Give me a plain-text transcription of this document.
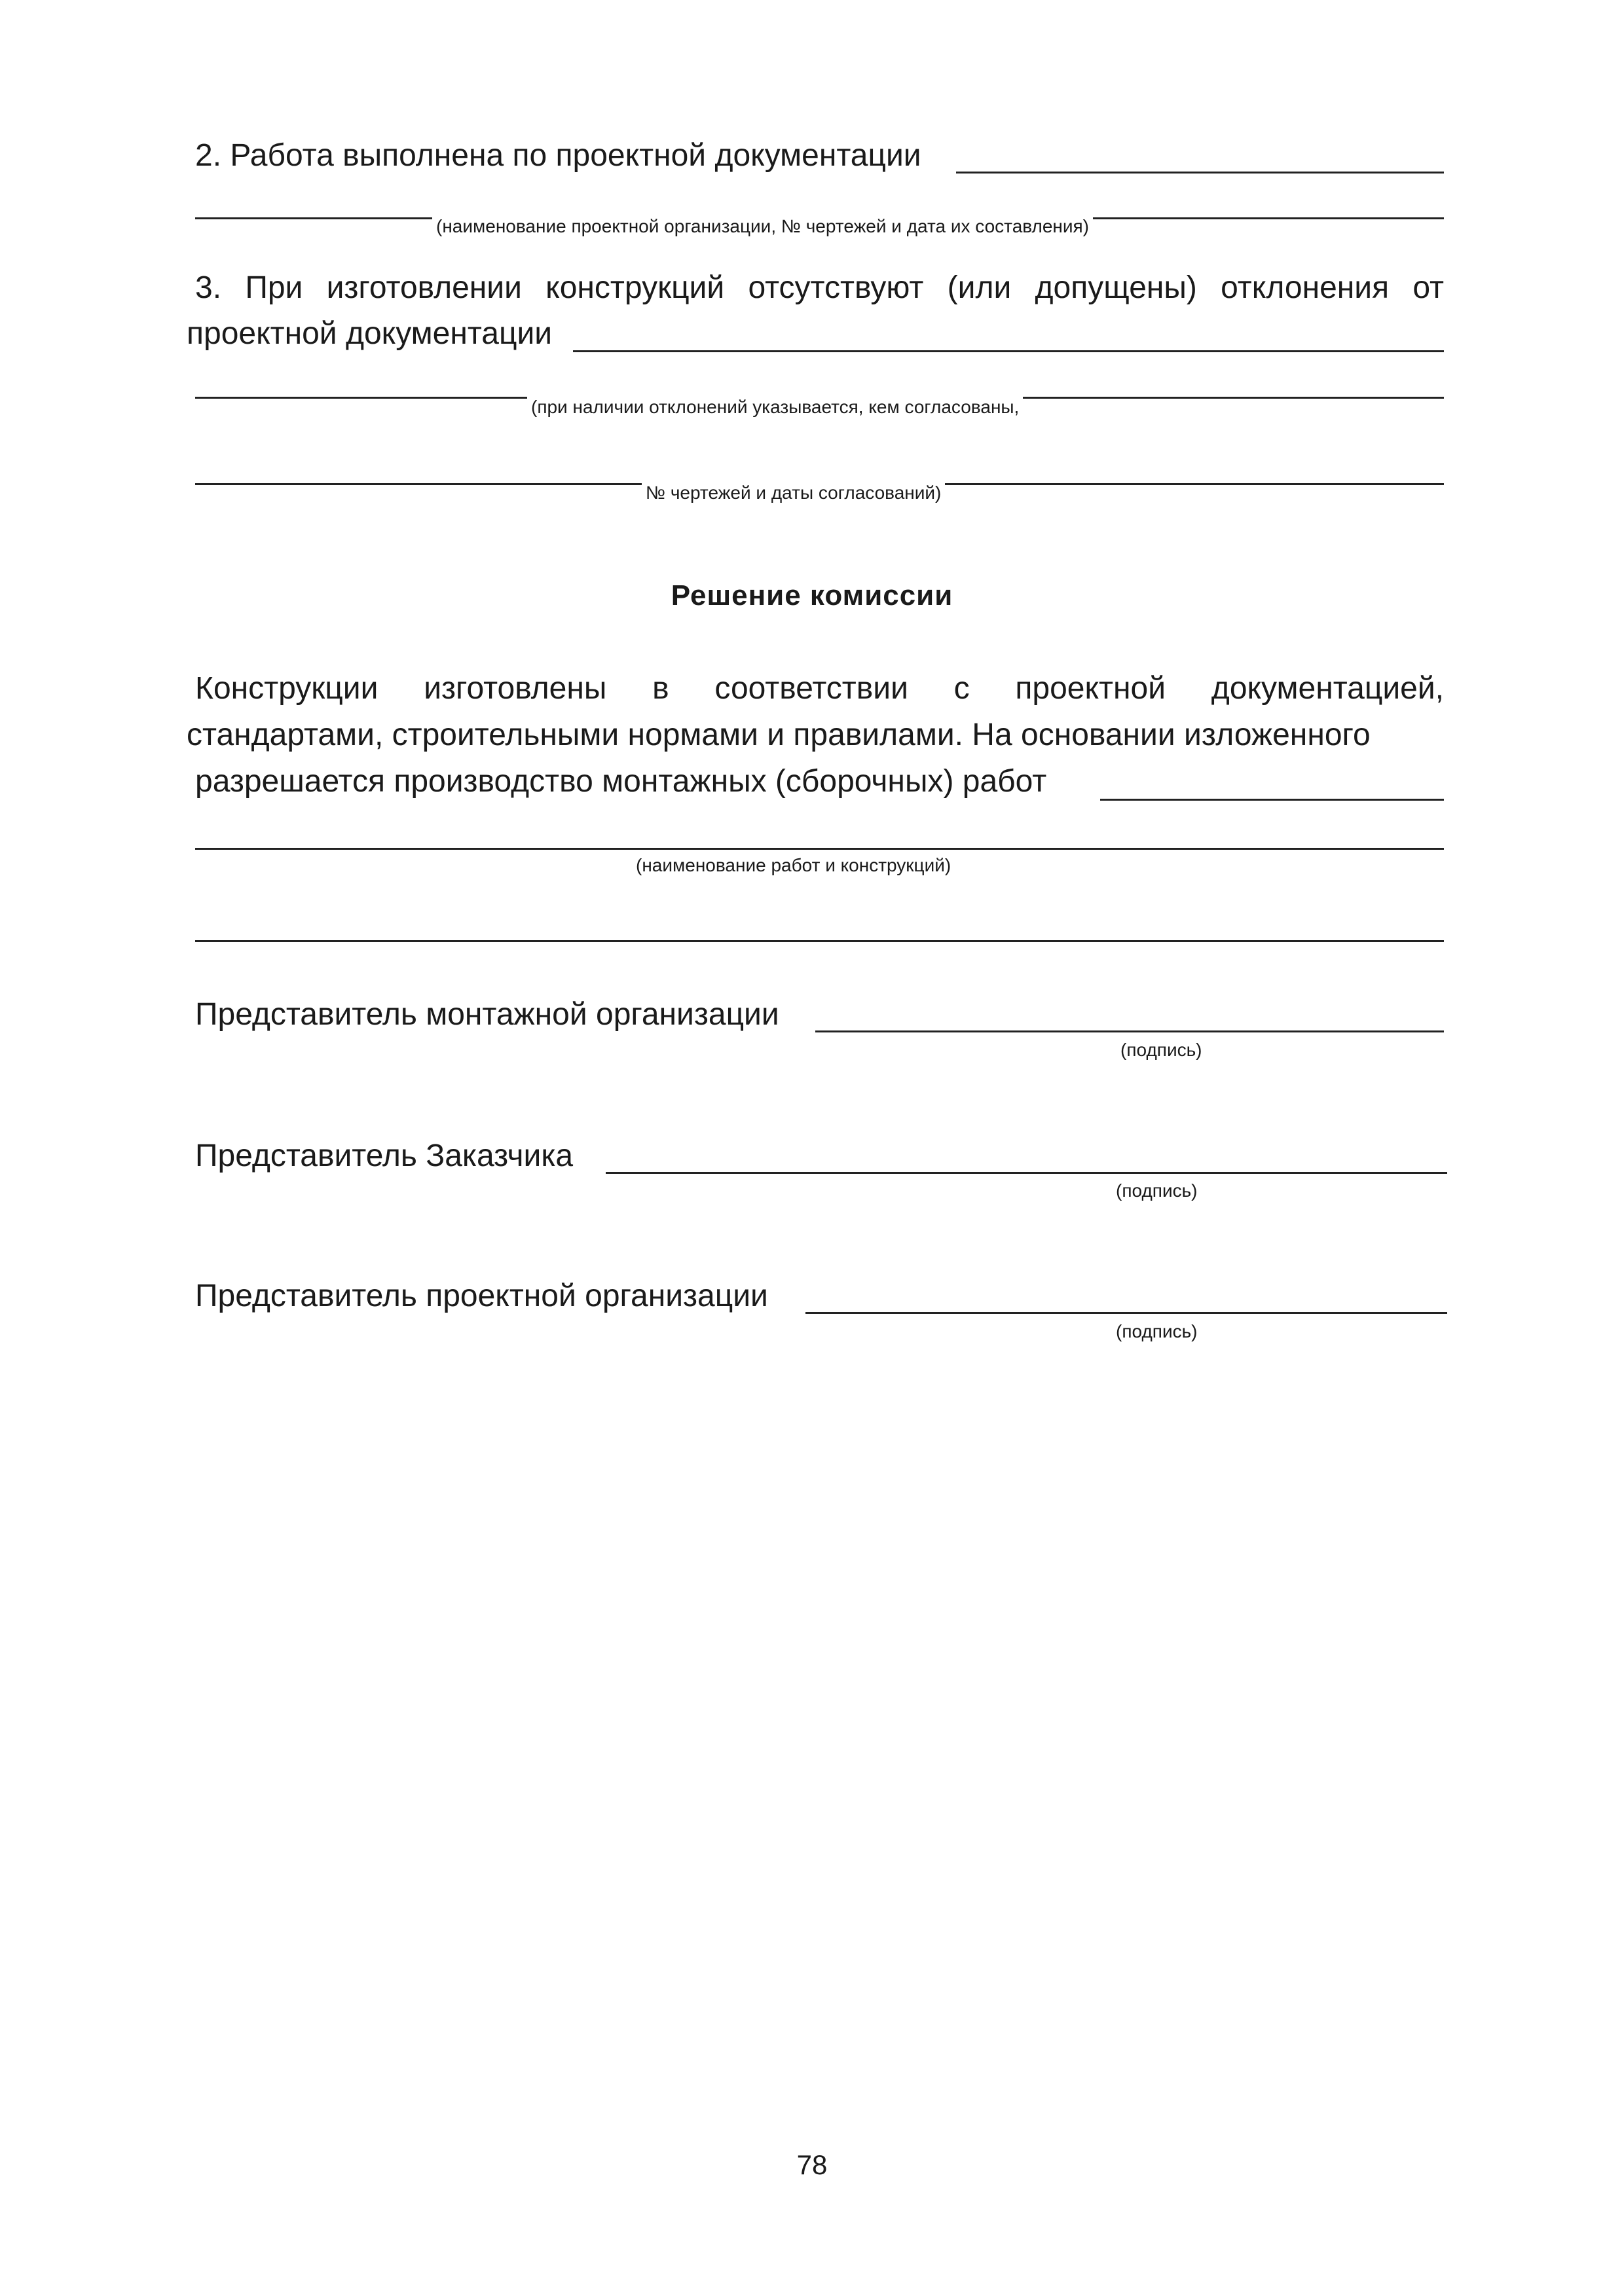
2. Работа выполнена по проектной документации
(наименование проектной организации, № чертежей и дата их составления)
3. При изготовлении конструкций отсутствуют (или допущены) отклонения от
проектной документации
(при наличии отклонений указывается, кем согласованы,
№ чертежей и даты согласований)
Решение комиссии
Конструкции изготовлены в соответствии с проектной документацией,
стандартами, строительными нормами и правилами. На основании изложенного
разрешается производство монтажных (сборочных) работ
(наименование работ и конструкций)
Представитель монтажной организации
(подпись)
Представитель Заказчика
(подпись)
Представитель проектной организации
(подпись)
78
